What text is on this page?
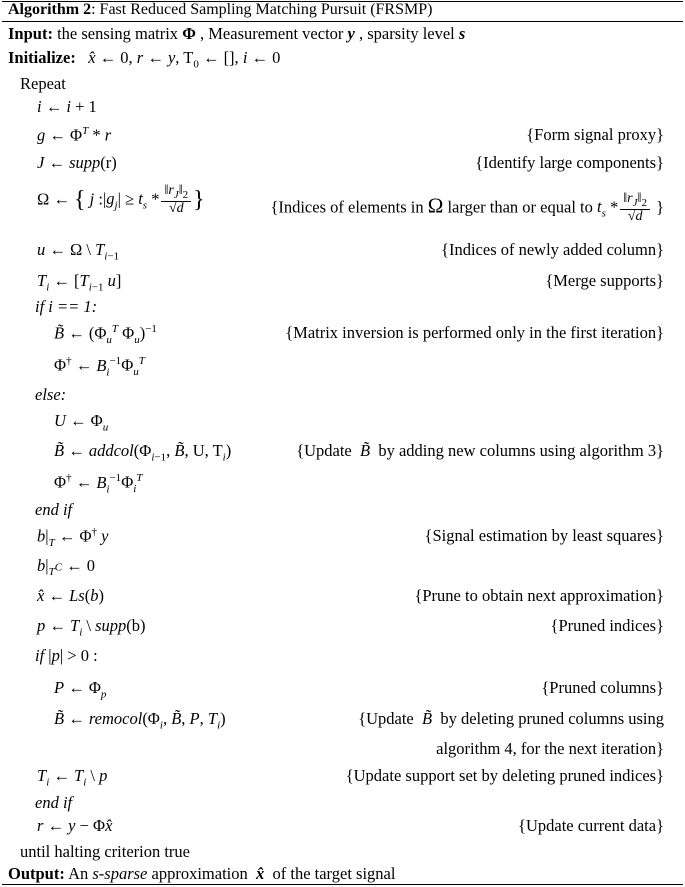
Algorithm 2: Fast Reduced Sampling Matching Pursuit (FRSMP)
Input: the sensing matrix Φ , Measurement vector y , sparsity level s
Initialize: x̂ ← 0, r ← y, $T_0$ ← [], i ← 0
Repeat
i ← i + 1
g ← $\Phi^T$ * r	{Form signal proxy}
J ← supp(r)	{Identify large components}
Ω ← { j $:|g_j| \ge t_s * \frac{‖r_J‖_2}{√d}$ }	{Indices of elements in Ω larger than or equal to $t_s * \frac{‖r_J‖_2}{√d}$ }
u ← Ω \ $T_{i-1}$	{Indices of newly added column}
$T_i$ ← [$T_{i-1}$ u]	{Merge supports}
if i == 1:
B̃ ← ($\Phi_u^T$ $\Phi_u)^{-1}$	{Matrix inversion is performed only in the first iteration}
Φ† ← $B_i^{-1}\Phi_u^T$
else:
U ← $\Phi_u$
B̃ ← $addcol(\Phi_{i-1}$, B̃, U, $T_i$)	{Update  B̃  by adding new columns using algorithm 3}
Φ† ← $B_i^{-1}\Phi_i^T$
end if
$b|_T$ ← Φ† y	{Signal estimation by least squares}
$b|_{T^C}$ ← 0
x̂ ← Ls(b)	{Prune to obtain next approximation}
p ← $T_i$ \ supp(b)	{Pruned indices}
if |p| > 0 :
P ← $\Phi_p$	{Pruned columns}
B̃ ← $remocol(\Phi_i$, B̃, P, $T_i$)	{Update  B̃  by deleting pruned columns using
algorithm 4, for the next iteration}
$T_i$ ← $T_i$ \ p	{Update support set by deleting pruned indices}
end if
r ← y − Φx̂	{Update current data}
until halting criterion true
Output: An s-sparse approximation  x̂  of the target signal
